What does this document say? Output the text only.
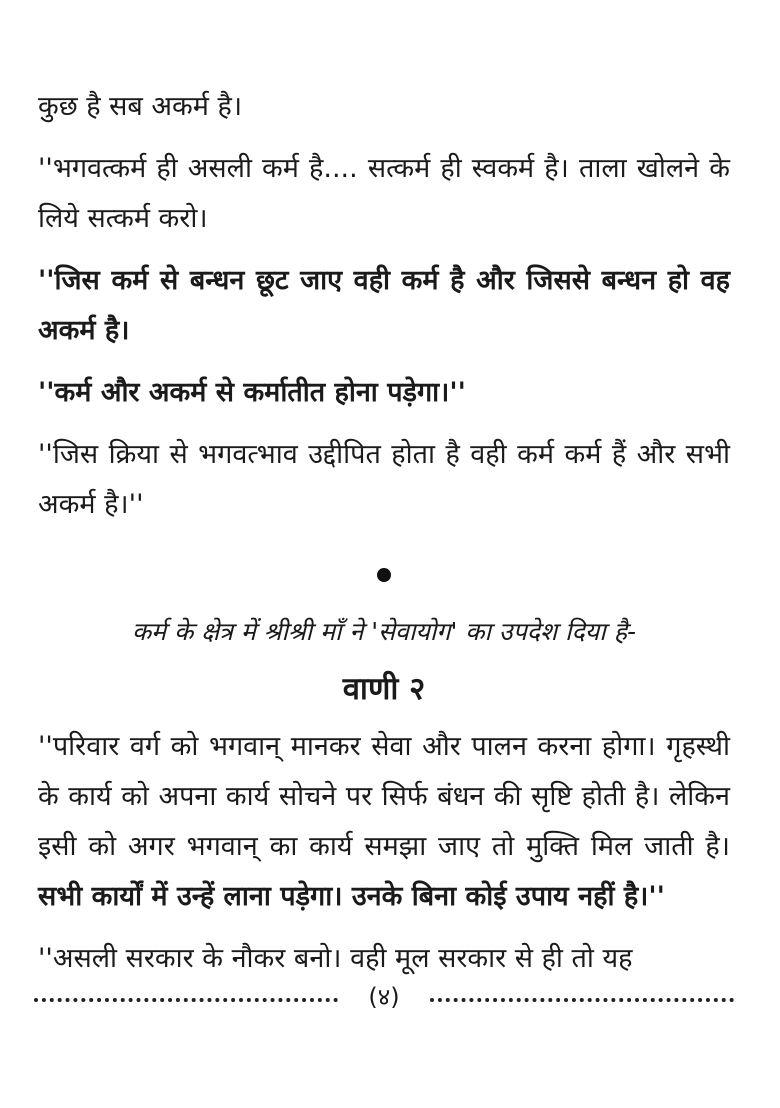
कुछ है सब अकर्म है।

''भगवत्कर्म ही असली कर्म है.... सत्कर्म ही स्वकर्म है। ताला खोलने के लिये सत्कर्म करो।

''जिस कर्म से बन्धन छूट जाए वही कर्म है और जिससे बन्धन हो वह अकर्म है।

''कर्म और अकर्म से कर्मातीत होना पड़ेगा।''

''जिस क्रिया से भगवत्भाव उद्दीपित होता है वही कर्म कर्म हैं और सभी अकर्म है।''

कर्म के क्षेत्र में श्रीश्री माँ ने 'सेवायोग' का उपदेश दिया है-
वाणी २

''परिवार वर्ग को भगवान् मानकर सेवा और पालन करना होगा। गृहस्थी के कार्य को अपना कार्य सोचने पर सिर्फ बंधन की सृष्टि होती है। लेकिन इसी को अगर भगवान् का कार्य समझा जाए तो मुक्ति मिल जाती है। सभी कार्यों में उन्हें लाना पड़ेगा। उनके बिना कोई उपाय नहीं है।''

''असली सरकार के नौकर बनो। वही मूल सरकार से ही तो यह

(४)
